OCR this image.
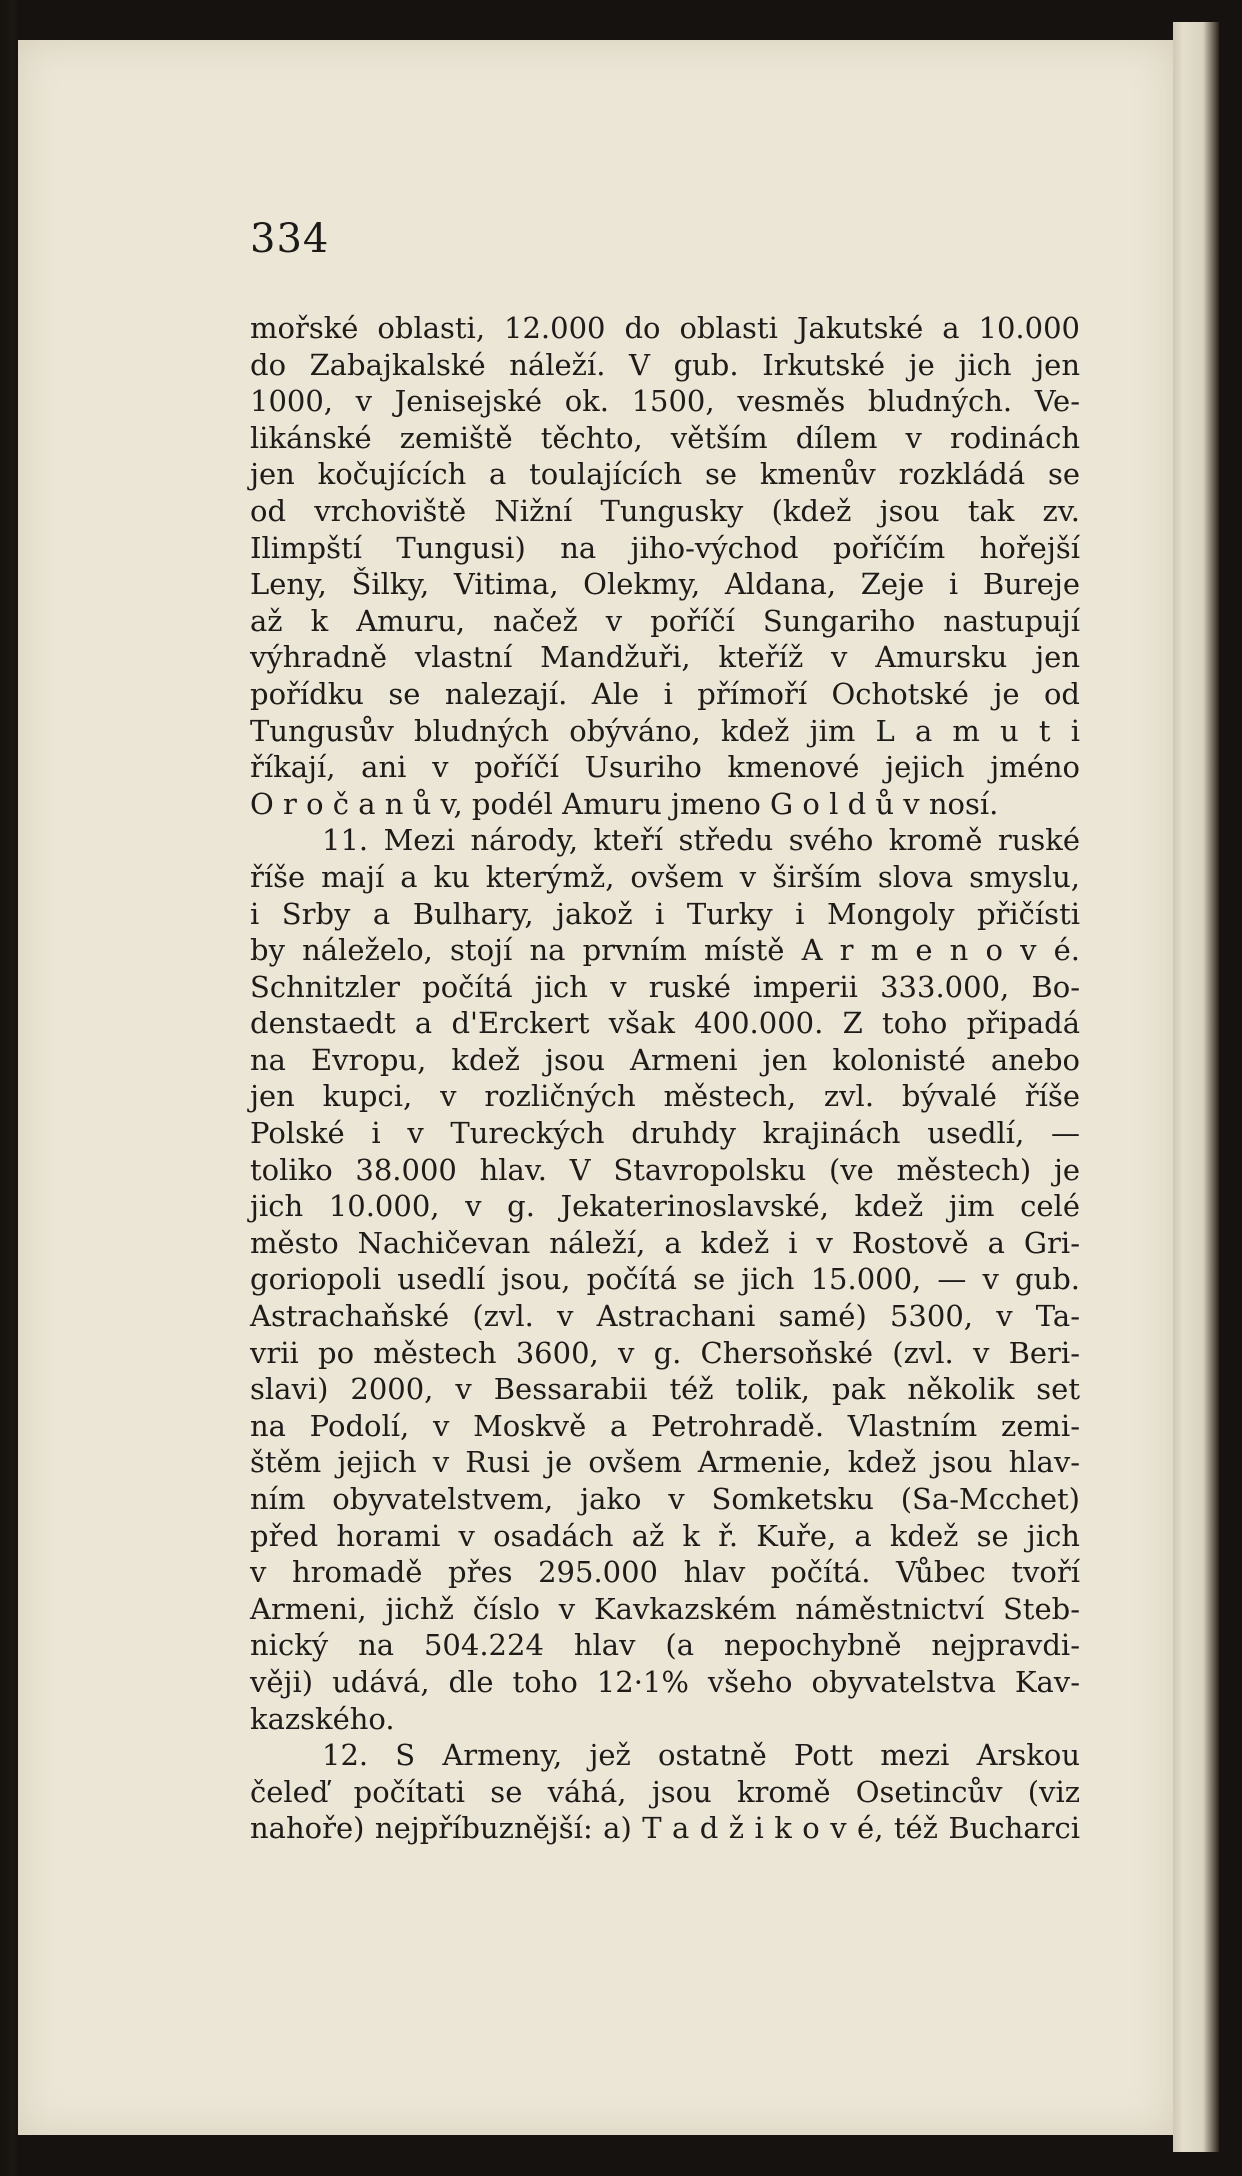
334
mořské oblasti, 12.000 do oblasti Jakutské a 10.000
do Zabajkalské náleží. V gub. Irkutské je jich jen
1000, v Jenisejské ok. 1500, vesměs bludných. Ve-
likánské zemiště těchto, větším dílem v rodinách
jen kočujících a toulajících se kmenův rozkládá se
od vrchoviště Nižní Tungusky (kdež jsou tak zv.
Ilimpští Tungusi) na jiho-východ poříčím hořejší
Leny, Šilky, Vitima, Olekmy, Aldana, Zeje i Bureje
až k Amuru, načež v poříčí Sungariho nastupují
výhradně vlastní Mandžuři, kteříž v Amursku jen
pořídku se nalezají. Ale i přímoří Ochotské je od
Tungusův bludných obýváno, kdež jim L a m u t i
říkají, ani v poříčí Usuriho kmenové jejich jméno
O r o č a n ů v, podél Amuru jmeno G o l d ů v nosí.
11. Mezi národy, kteří středu svého kromě ruské
říše mají a ku kterýmž, ovšem v širším slova smyslu,
i Srby a Bulhary, jakož i Turky i Mongoly přičísti
by náleželo, stojí na prvním místě A r m e n o v é.
Schnitzler počítá jich v ruské imperii 333.000, Bo-
denstaedt a d'Erckert však 400.000. Z toho připadá
na Evropu, kdež jsou Armeni jen kolonisté anebo
jen kupci, v rozličných městech, zvl. bývalé říše
Polské i v Tureckých druhdy krajinách usedlí, —
toliko 38.000 hlav. V Stavropolsku (ve městech) je
jich 10.000, v g. Jekaterinoslavské, kdež jim celé
město Nachičevan náleží, a kdež i v Rostově a Gri-
goriopoli usedlí jsou, počítá se jich 15.000, — v gub.
Astrachaňské (zvl. v Astrachani samé) 5300, v Ta-
vrii po městech 3600, v g. Chersoňské (zvl. v Beri-
slavi) 2000, v Bessarabii též tolik, pak několik set
na Podolí, v Moskvě a Petrohradě. Vlastním zemi-
štěm jejich v Rusi je ovšem Armenie, kdež jsou hlav-
ním obyvatelstvem, jako v Somketsku (Sa-Mcchet)
před horami v osadách až k ř. Kuře, a kdež se jich
v hromadě přes 295.000 hlav počítá. Vůbec tvoří
Armeni, jichž číslo v Kavkazském náměstnictví Steb-
nický na 504.224 hlav (a nepochybně nejpravdi-
věji) udává, dle toho 12·1% všeho obyvatelstva Kav-
kazského.
12. S Armeny, jež ostatně Pott mezi Arskou
čeleď počítati se váhá, jsou kromě Osetincův (viz
nahoře) nejpříbuznější: a) T a d ž i k o v é, též Bucharci
